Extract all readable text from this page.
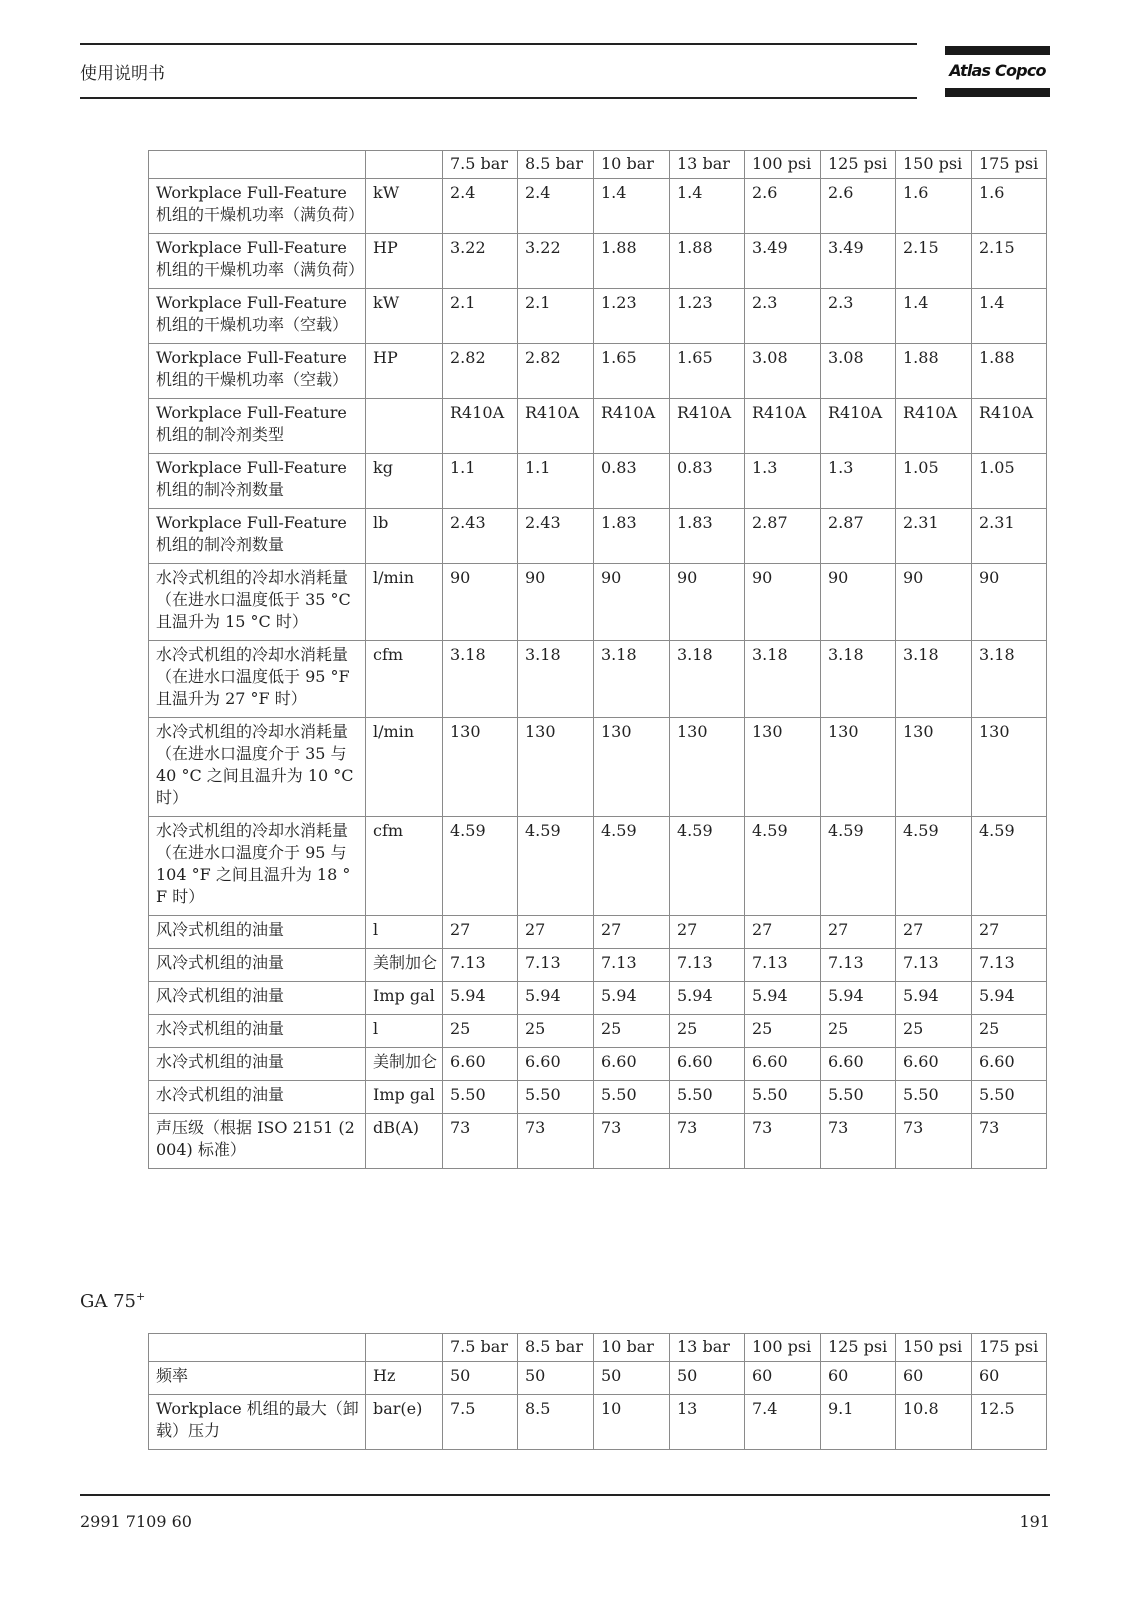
使用说明书	Atlas Copco
		7.5 bar	8.5 bar	10 bar	13 bar	100 psi	125 psi	150 psi	175 psi
Workplace Full-Feature 机组的干燥机功率（满负荷）	kW	2.4	2.4	1.4	1.4	2.6	2.6	1.6	1.6
Workplace Full-Feature 机组的干燥机功率（满负荷）	HP	3.22	3.22	1.88	1.88	3.49	3.49	2.15	2.15
Workplace Full-Feature 机组的干燥机功率（空载）	kW	2.1	2.1	1.23	1.23	2.3	2.3	1.4	1.4
Workplace Full-Feature 机组的干燥机功率（空载）	HP	2.82	2.82	1.65	1.65	3.08	3.08	1.88	1.88
Workplace Full-Feature 机组的制冷剂类型		R410A	R410A	R410A	R410A	R410A	R410A	R410A	R410A
Workplace Full-Feature 机组的制冷剂数量	kg	1.1	1.1	0.83	0.83	1.3	1.3	1.05	1.05
Workplace Full-Feature 机组的制冷剂数量	lb	2.43	2.43	1.83	1.83	2.87	2.87	2.31	2.31
水冷式机组的冷却水消耗量（在进水口温度低于 35 °C 且温升为 15 °C 时）	l/min	90	90	90	90	90	90	90	90
水冷式机组的冷却水消耗量（在进水口温度低于 95 °F 且温升为 27 °F 时）	cfm	3.18	3.18	3.18	3.18	3.18	3.18	3.18	3.18
水冷式机组的冷却水消耗量（在进水口温度介于 35 与 40 °C 之间且温升为 10 °C 时）	l/min	130	130	130	130	130	130	130	130
水冷式机组的冷却水消耗量（在进水口温度介于 95 与 104 °F 之间且温升为 18 °F 时）	cfm	4.59	4.59	4.59	4.59	4.59	4.59	4.59	4.59
风冷式机组的油量	l	27	27	27	27	27	27	27	27
风冷式机组的油量	美制加仑	7.13	7.13	7.13	7.13	7.13	7.13	7.13	7.13
风冷式机组的油量	Imp gal	5.94	5.94	5.94	5.94	5.94	5.94	5.94	5.94
水冷式机组的油量	l	25	25	25	25	25	25	25	25
水冷式机组的油量	美制加仑	6.60	6.60	6.60	6.60	6.60	6.60	6.60	6.60
水冷式机组的油量	Imp gal	5.50	5.50	5.50	5.50	5.50	5.50	5.50	5.50
声压级（根据 ISO 2151 (2004) 标准）	dB(A)	73	73	73	73	73	73	73	73
GA 75+
		7.5 bar	8.5 bar	10 bar	13 bar	100 psi	125 psi	150 psi	175 psi
频率	Hz	50	50	50	50	60	60	60	60
Workplace 机组的最大（卸载）压力	bar(e)	7.5	8.5	10	13	7.4	9.1	10.8	12.5
2991 7109 60	191
